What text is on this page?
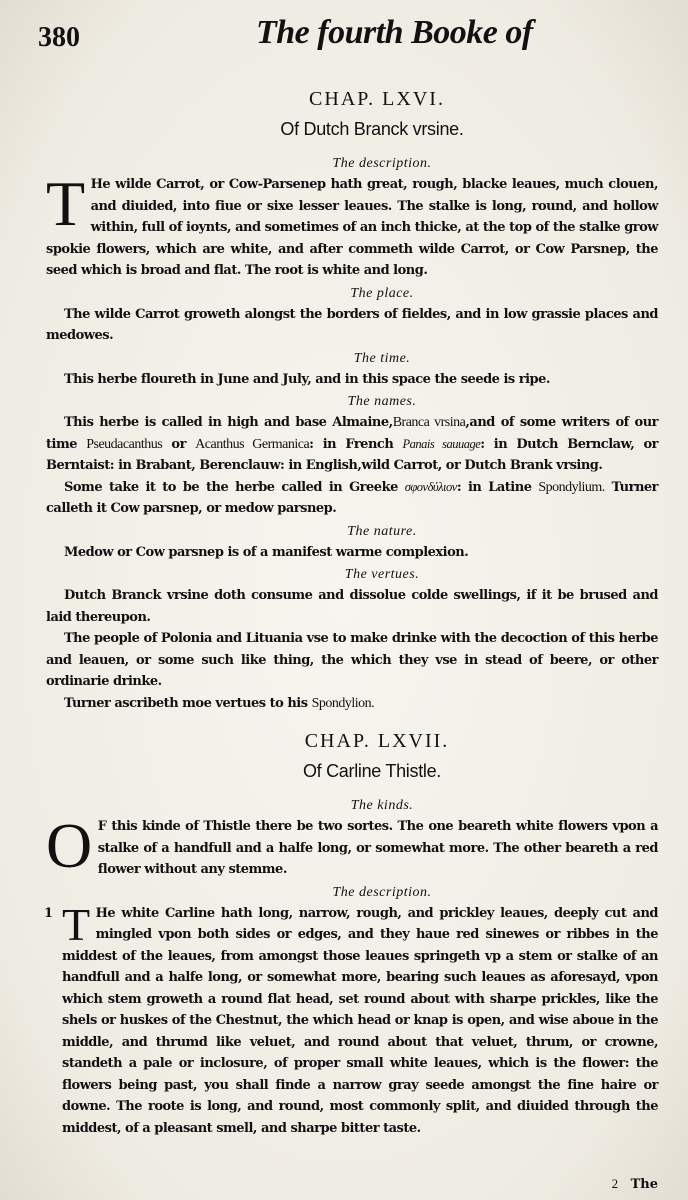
380	The fourth Booke of
CHAP. LXVI.
Of Dutch Branck vrsine.
The description.

T He wilde Carrot, or Cow-Parsenep hath great, rough, blacke leaues, much clouen, and diuided, into fiue or sixe lesser leaues. The stalke is long, round, and hollow within, full of ioynts, and sometimes of an inch thicke, at the top of the stalke grow spokie flowers, which are white, and after commeth wilde Carrot, or Cow Parsnep, the seed which is broad and flat. The root is white and long.

The place.

The wilde Carrot groweth alongst the borders of fieldes, and in low grassie places and medowes.

The time.

This herbe floureth in June and July, and in this space the seede is ripe.

The names.

This herbe is called in high and base Almaine,Branca vrsina,and of some writers of our time Pseudacanthus or Acanthus Germanica: in French Panais sauuage: in Dutch Bernclaw, or Berntaist: in Brabant, Berenclauw: in English,wild Carrot, or Dutch Brank vrsing.

Some take it to be the herbe called in Greeke σφονδύλιον: in Latine Spondylium. Turner calleth it Cow parsnep, or medow parsnep.

The nature.

Medow or Cow parsnep is of a manifest warme complexion.

The vertues.

Dutch Branck vrsine doth consume and dissolue colde swellings, if it be brused and laid thereupon.

The people of Polonia and Lituania vse to make drinke with the decoction of this herbe and leauen, or some such like thing, the which they vse in stead of beere, or other ordinarie drinke.

Turner ascribeth moe vertues to his Spondylion.

CHAP. LXVII.
Of Carline Thistle.
The kinds.

O F this kinde of Thistle there be two sortes. The one beareth white flowers vpon a stalke of a handfull and a halfe long, or somewhat more. The other beareth a red flower without any stemme.

The description.

1 T He white Carline hath long, narrow, rough, and prickley leaues, deeply cut and mingled vpon both sides or edges, and they haue red sinewes or ribbes in the middest of the leaues, from amongst those leaues springeth vp a stem or stalke of an handfull and a halfe long, or somewhat more, bearing such leaues as aforesayd, vpon which stem groweth a round flat head, set round about with sharpe prickles, like the shels or huskes of the Chestnut, the which head or knap is open, and wise aboue in the middle, and thrumd like veluet, and round about that veluet, thrum, or crowne, standeth a pale or inclosure, of proper small white leaues, which is the flower: the flowers being past, you shall finde a narrow gray seede amongst the fine haire or downe. The roote is long, and round, most commonly split, and diuided through the middest, of a pleasant smell, and sharpe bitter taste.

2 The
